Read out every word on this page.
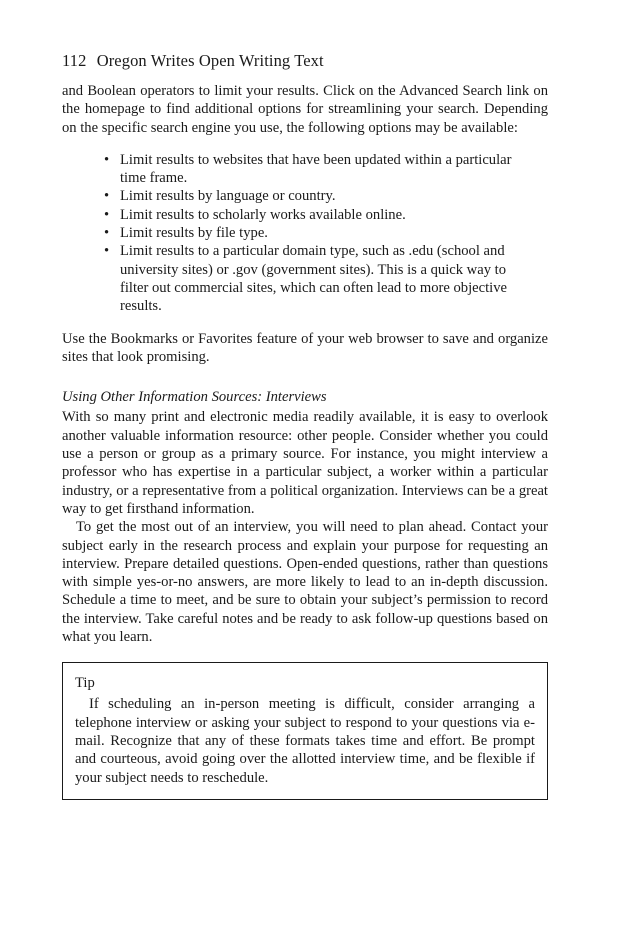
112 Oregon Writes Open Writing Text

and Boolean operators to limit your results. Click on the Advanced Search link on the homepage to find additional options for streamlining your search. Depending on the specific search engine you use, the following options may be available:

• Limit results to websites that have been updated within a particular time frame.
• Limit results by language or country.
• Limit results to scholarly works available online.
• Limit results by file type.
• Limit results to a particular domain type, such as .edu (school and university sites) or .gov (government sites). This is a quick way to filter out commercial sites, which can often lead to more objective results.

Use the Bookmarks or Favorites feature of your web browser to save and organize sites that look promising.

Using Other Information Sources: Interviews

With so many print and electronic media readily available, it is easy to overlook another valuable information resource: other people. Consider whether you could use a person or group as a primary source. For instance, you might interview a professor who has expertise in a particular subject, a worker within a particular industry, or a representative from a political organization. Interviews can be a great way to get firsthand information.

To get the most out of an interview, you will need to plan ahead. Contact your subject early in the research process and explain your purpose for requesting an interview. Prepare detailed questions. Open-ended questions, rather than questions with simple yes-or-no answers, are more likely to lead to an in-depth discussion. Schedule a time to meet, and be sure to obtain your subject’s permission to record the interview. Take careful notes and be ready to ask follow-up questions based on what you learn.

Tip

If scheduling an in-person meeting is difficult, consider arranging a telephone interview or asking your subject to respond to your questions via e-mail. Recognize that any of these formats takes time and effort. Be prompt and courteous, avoid going over the allotted interview time, and be flexible if your subject needs to reschedule.
